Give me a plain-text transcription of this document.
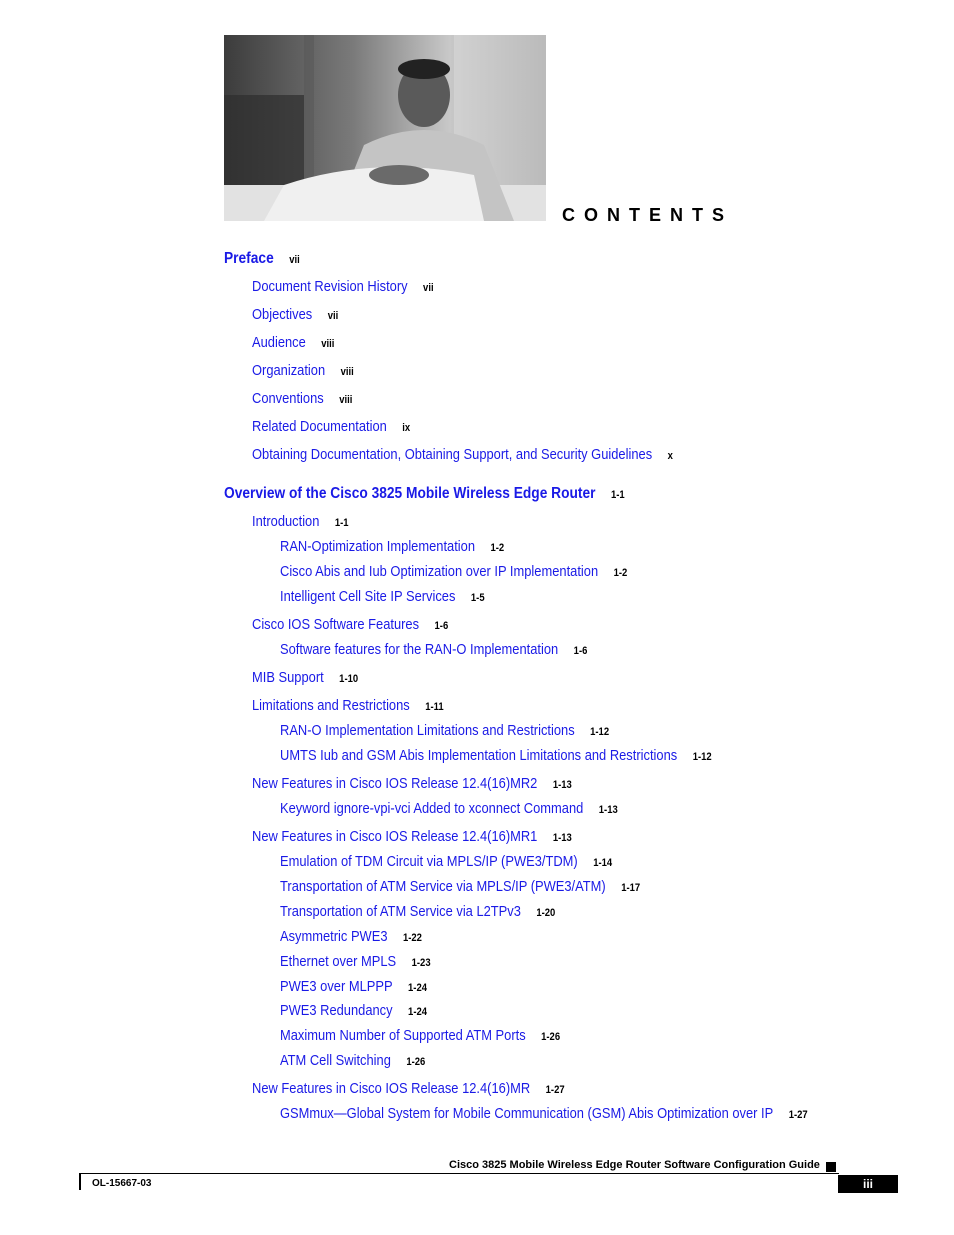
CONTENTS
Preface vii
Document Revision History vii
Objectives vii
Audience viii
Organization viii
Conventions viii
Related Documentation ix
Obtaining Documentation, Obtaining Support, and Security Guidelines x
Overview of the Cisco 3825 Mobile Wireless Edge Router 1-1
Introduction 1-1
RAN-Optimization Implementation 1-2
Cisco Abis and Iub Optimization over IP Implementation 1-2
Intelligent Cell Site IP Services 1-5
Cisco IOS Software Features 1-6
Software features for the RAN-O Implementation 1-6
MIB Support 1-10
Limitations and Restrictions 1-11
RAN-O Implementation Limitations and Restrictions 1-12
UMTS Iub and GSM Abis Implementation Limitations and Restrictions 1-12
New Features in Cisco IOS Release 12.4(16)MR2 1-13
Keyword ignore-vpi-vci Added to xconnect Command 1-13
New Features in Cisco IOS Release 12.4(16)MR1 1-13
Emulation of TDM Circuit via MPLS/IP (PWE3/TDM) 1-14
Transportation of ATM Service via MPLS/IP (PWE3/ATM) 1-17
Transportation of ATM Service via L2TPv3 1-20
Asymmetric PWE3 1-22
Ethernet over MPLS 1-23
PWE3 over MLPPP 1-24
PWE3 Redundancy 1-24
Maximum Number of Supported ATM Ports 1-26
ATM Cell Switching 1-26
New Features in Cisco IOS Release 12.4(16)MR 1-27
GSMmux—Global System for Mobile Communication (GSM) Abis Optimization over IP 1-27
Cisco 3825 Mobile Wireless Edge Router Software Configuration Guide
OL-15667-03	iii
